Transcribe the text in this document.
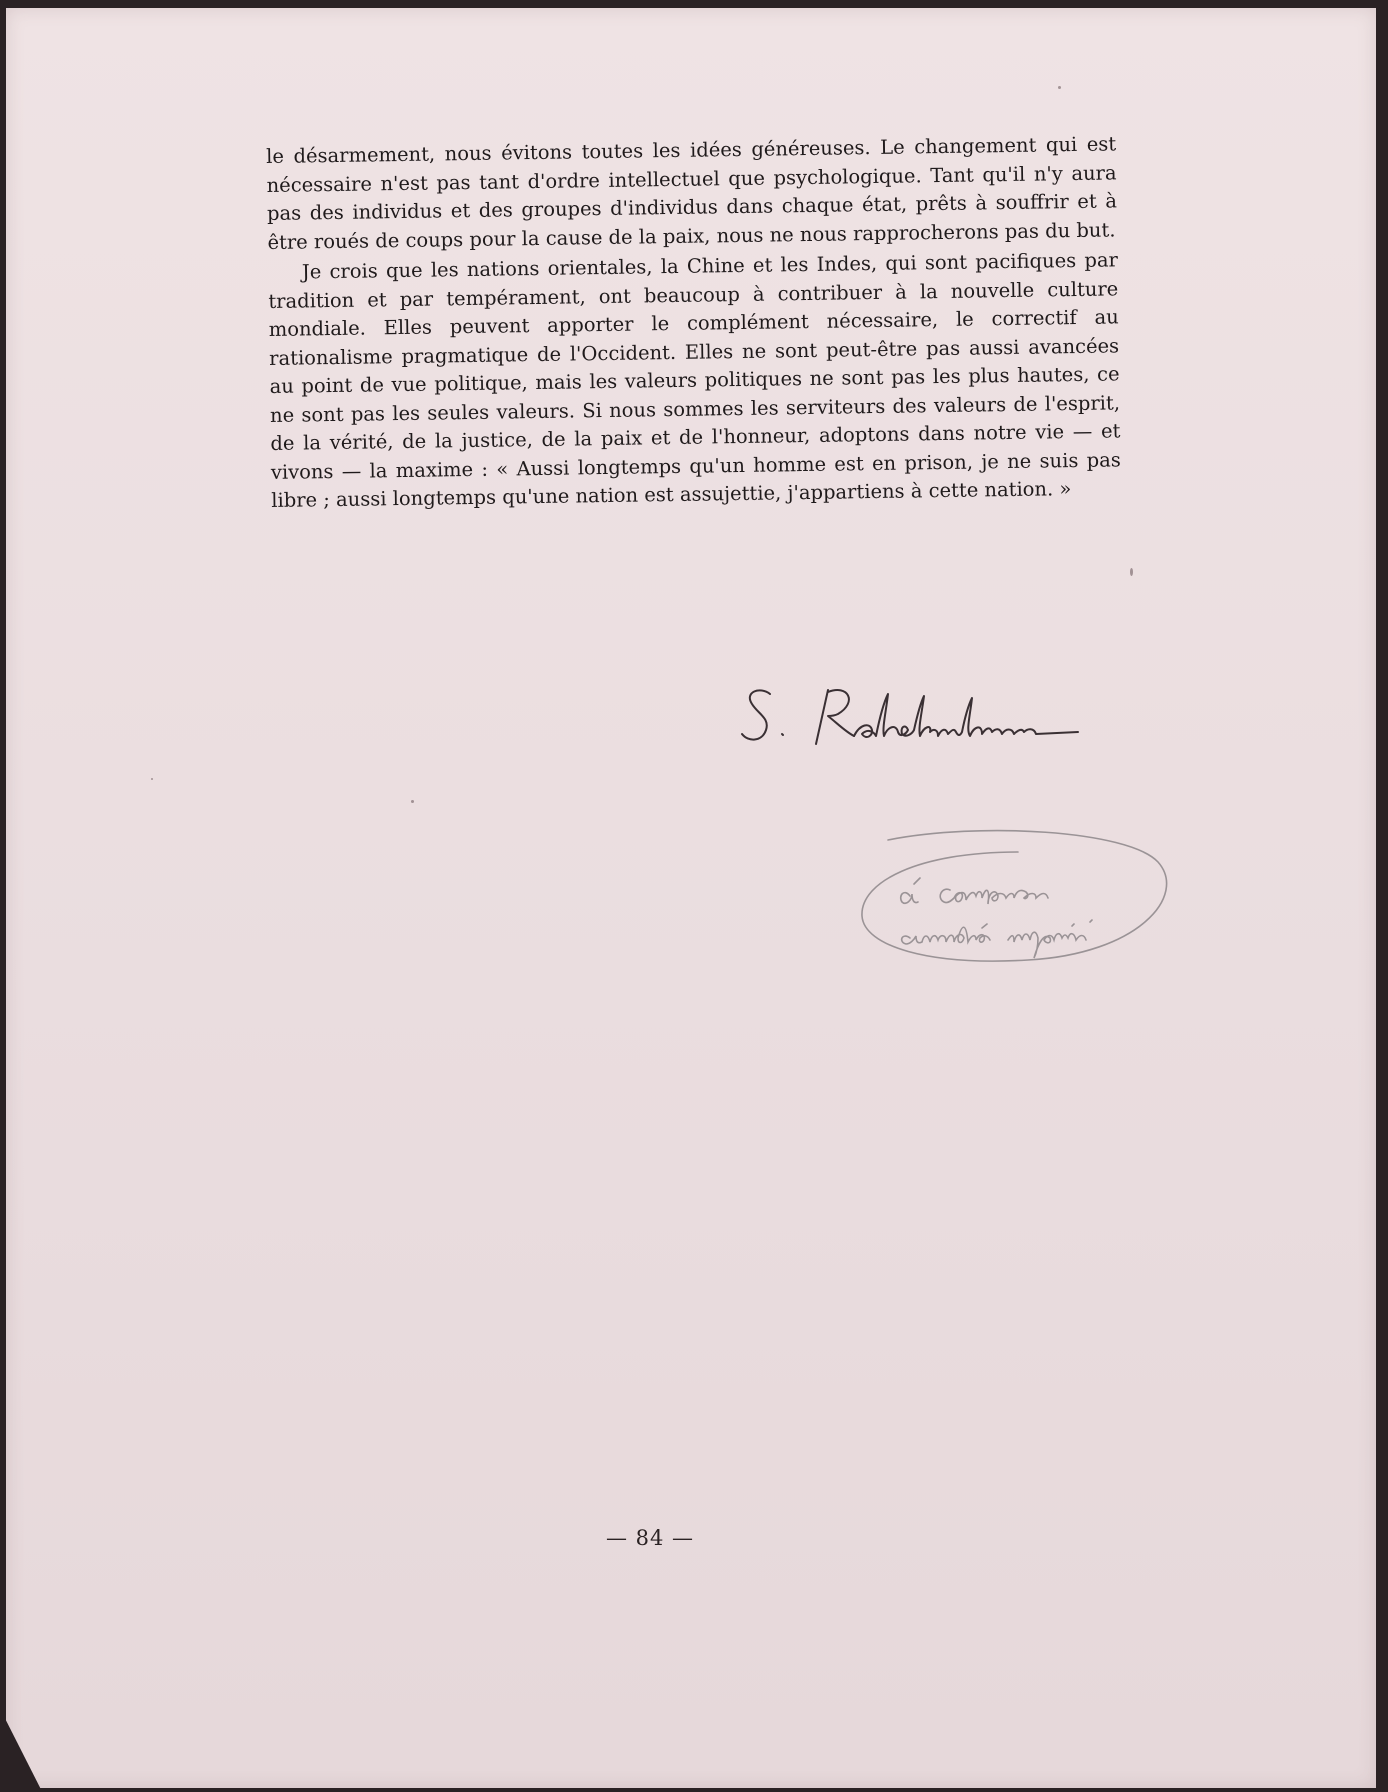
le désarmement, nous évitons toutes les idées généreuses. Le changement qui est nécessaire n'est pas tant d'ordre intellectuel que psychologique. Tant qu'il n'y aura pas des individus et des groupes d'individus dans chaque état, prêts à souffrir et à être roués de coups pour la cause de la paix, nous ne nous rapprocherons pas du but.

Je crois que les nations orientales, la Chine et les Indes, qui sont pacifiques par tradition et par tempérament, ont beaucoup à contribuer à la nouvelle culture mondiale. Elles peuvent apporter le complément nécessaire, le correctif au rationalisme pragmatique de l'Occident. Elles ne sont peut-être pas aussi avancées au point de vue politique, mais les valeurs politiques ne sont pas les plus hautes, ce ne sont pas les seules valeurs. Si nous sommes les serviteurs des valeurs de l'esprit, de la vérité, de la justice, de la paix et de l'honneur, adoptons dans notre vie — et vivons — la maxime : « Aussi longtemps qu'un homme est en prison, je ne suis pas libre ; aussi longtemps qu'une nation est assujettie, j'appartiens à cette nation. »

— 84 —
